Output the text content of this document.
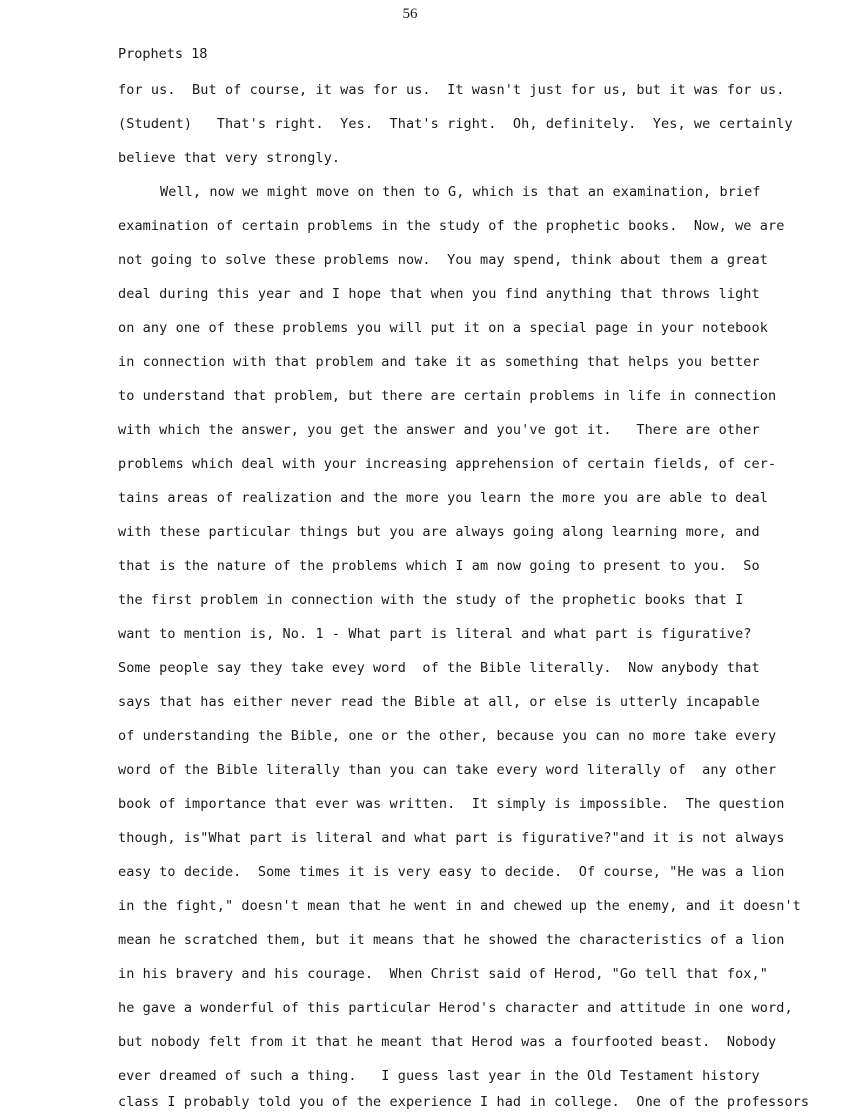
56
Prophets 18
for us.  But of course, it was for us.  It wasn't just for us, but it was for us.
(Student)   That's right.  Yes.  That's right.  Oh, definitely.  Yes, we certainly
believe that very strongly.
Well, now we might move on then to G, which is that an examination, brief
examination of certain problems in the study of the prophetic books.  Now, we are
not going to solve these problems now.  You may spend, think about them a great
deal during this year and I hope that when you find anything that throws light
on any one of these problems you will put it on a special page in your notebook
in connection with that problem and take it as something that helps you better
to understand that problem, but there are certain problems in life in connection
with which the answer, you get the answer and you've got it.   There are other
problems which deal with your increasing apprehension of certain fields, of cer-
tains areas of realization and the more you learn the more you are able to deal
with these particular things but you are always going along learning more, and
that is the nature of the problems which I am now going to present to you.  So
the first problem in connection with the study of the prophetic books that I
want to mention is, No. 1 - What part is literal and what part is figurative?
Some people say they take evey word  of the Bible literally.  Now anybody that
says that has either never read the Bible at all, or else is utterly incapable
of understanding the Bible, one or the other, because you can no more take every
word of the Bible literally than you can take every word literally of  any other
book of importance that ever was written.  It simply is impossible.  The question
though, is"What part is literal and what part is figurative?"and it is not always
easy to decide.  Some times it is very easy to decide.  Of course, "He was a lion
in the fight," doesn't mean that he went in and chewed up the enemy, and it doesn't
mean he scratched them, but it means that he showed the characteristics of a lion
in his bravery and his courage.  When Christ said of Herod, "Go tell that fox,"
he gave a wonderful of this particular Herod's character and attitude in one word,
but nobody felt from it that he meant that Herod was a fourfooted beast.  Nobody
ever dreamed of such a thing.   I guess last year in the Old Testament history
class I probably told you of the experience I had in college.  One of the professors
